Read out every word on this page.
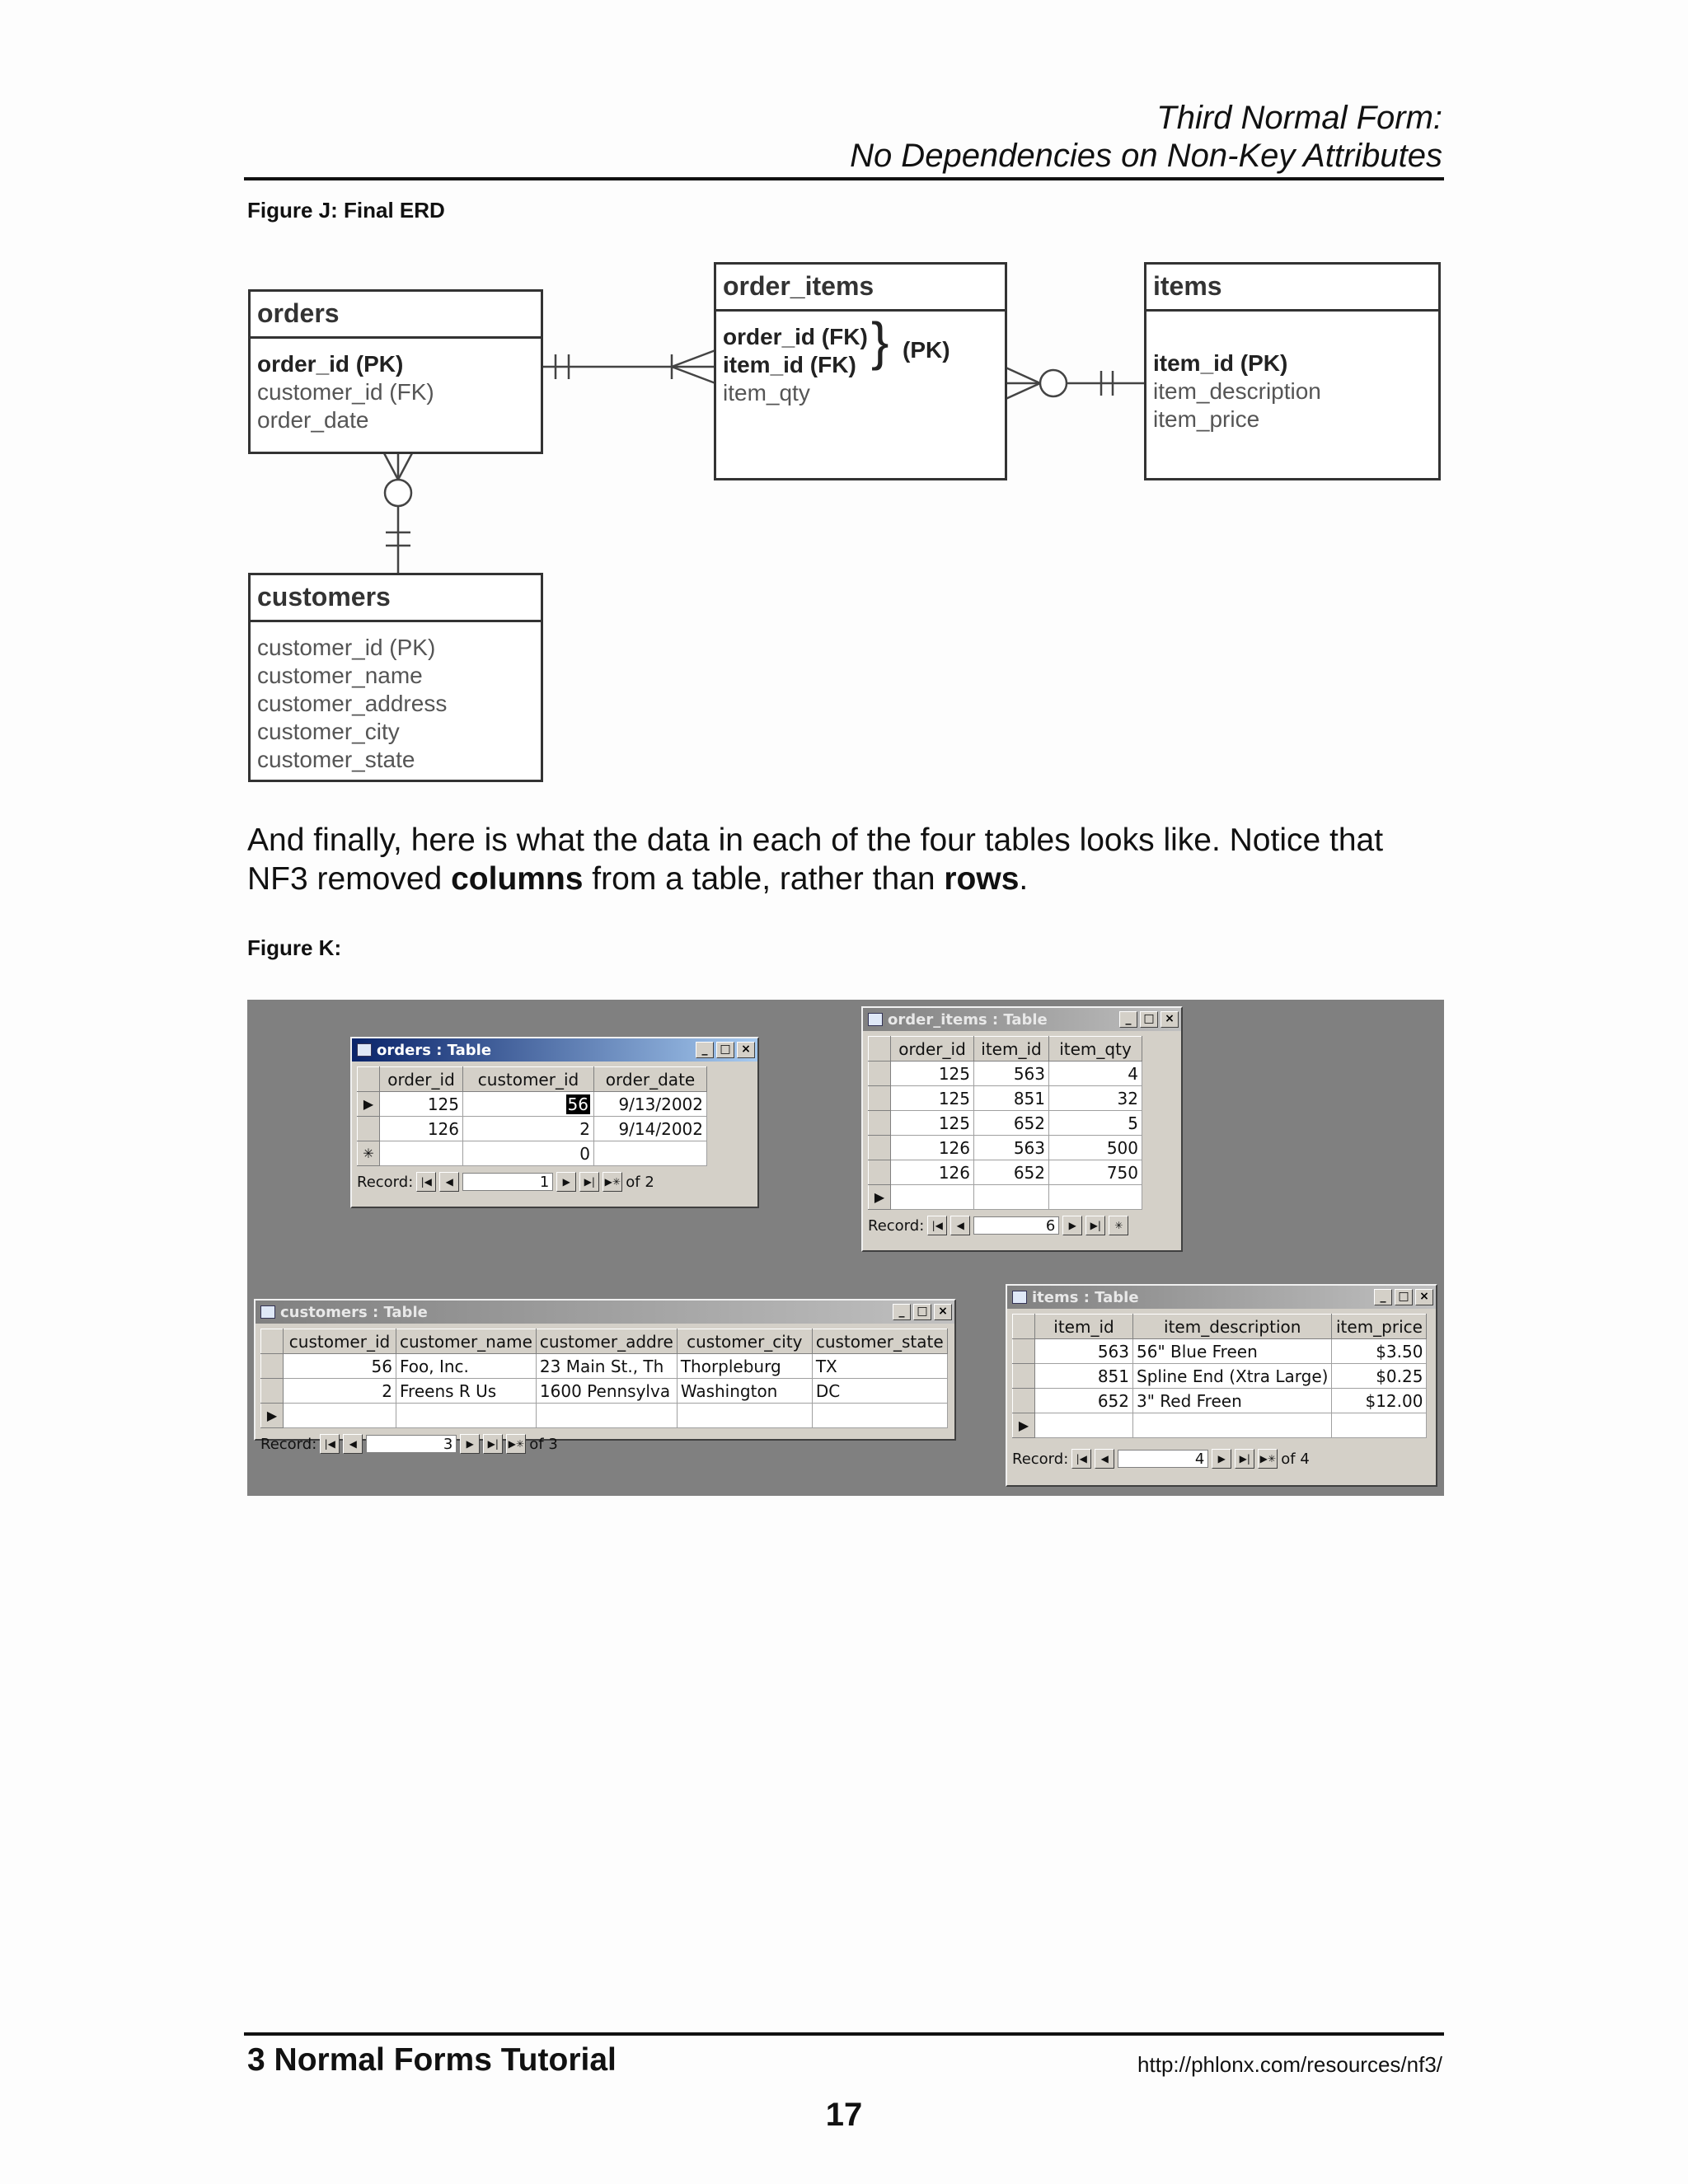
Third Normal Form:
No Dependencies on Non-Key Attributes
Figure J: Final ERD
orders
order_id (PK)
customer_id (FK)
order_date
order_items
order_id (FK)
item_id (FK)
item_qty
} (PK)
items
item_id (PK)
item_description
item_price
customers
customer_id (PK)
customer_name
customer_address
customer_city
customer_state
And finally, here is what the data in each of the four tables looks like. Notice that NF3 removed columns from a table, rather than rows.
Figure K:
orders : Table	_	□ ×
	order_id	customer_id	order_date
▶	125	56	9/13/2002
	126	2	9/14/2002
✳		0	
Record: |◀	◀	1	▶	▶| ▶✳ of 2
order_items : Table	_	□ ×
	order_id	item_id	item_qty
	125	563	4
	125	851	32
	125	652	5
	126	563	500
	126	652	750
▶			
Record: |◀	◀	6	▶	▶|	✳
customers : Table	_	□ ×
	customer_id	customer_name	customer_addre	customer_city	customer_state
	56	Foo, Inc.	23 Main St., Th	Thorpleburg	TX
	2	Freens R Us	1600 Pennsylva	Washington	DC
▶					
Record: |◀	◀	3	▶	▶| ▶✳ of 3
items : Table	_	□ ×
	item_id	item_description	item_price
	563	56" Blue Freen	$3.50
	851	Spline End (Xtra Large)	$0.25
	652	3" Red Freen	$12.00
▶			
Record: |◀	◀	4	▶	▶| ▶✳ of 4
3 Normal Forms Tutorial	http://phlonx.com/resources/nf3/
17
